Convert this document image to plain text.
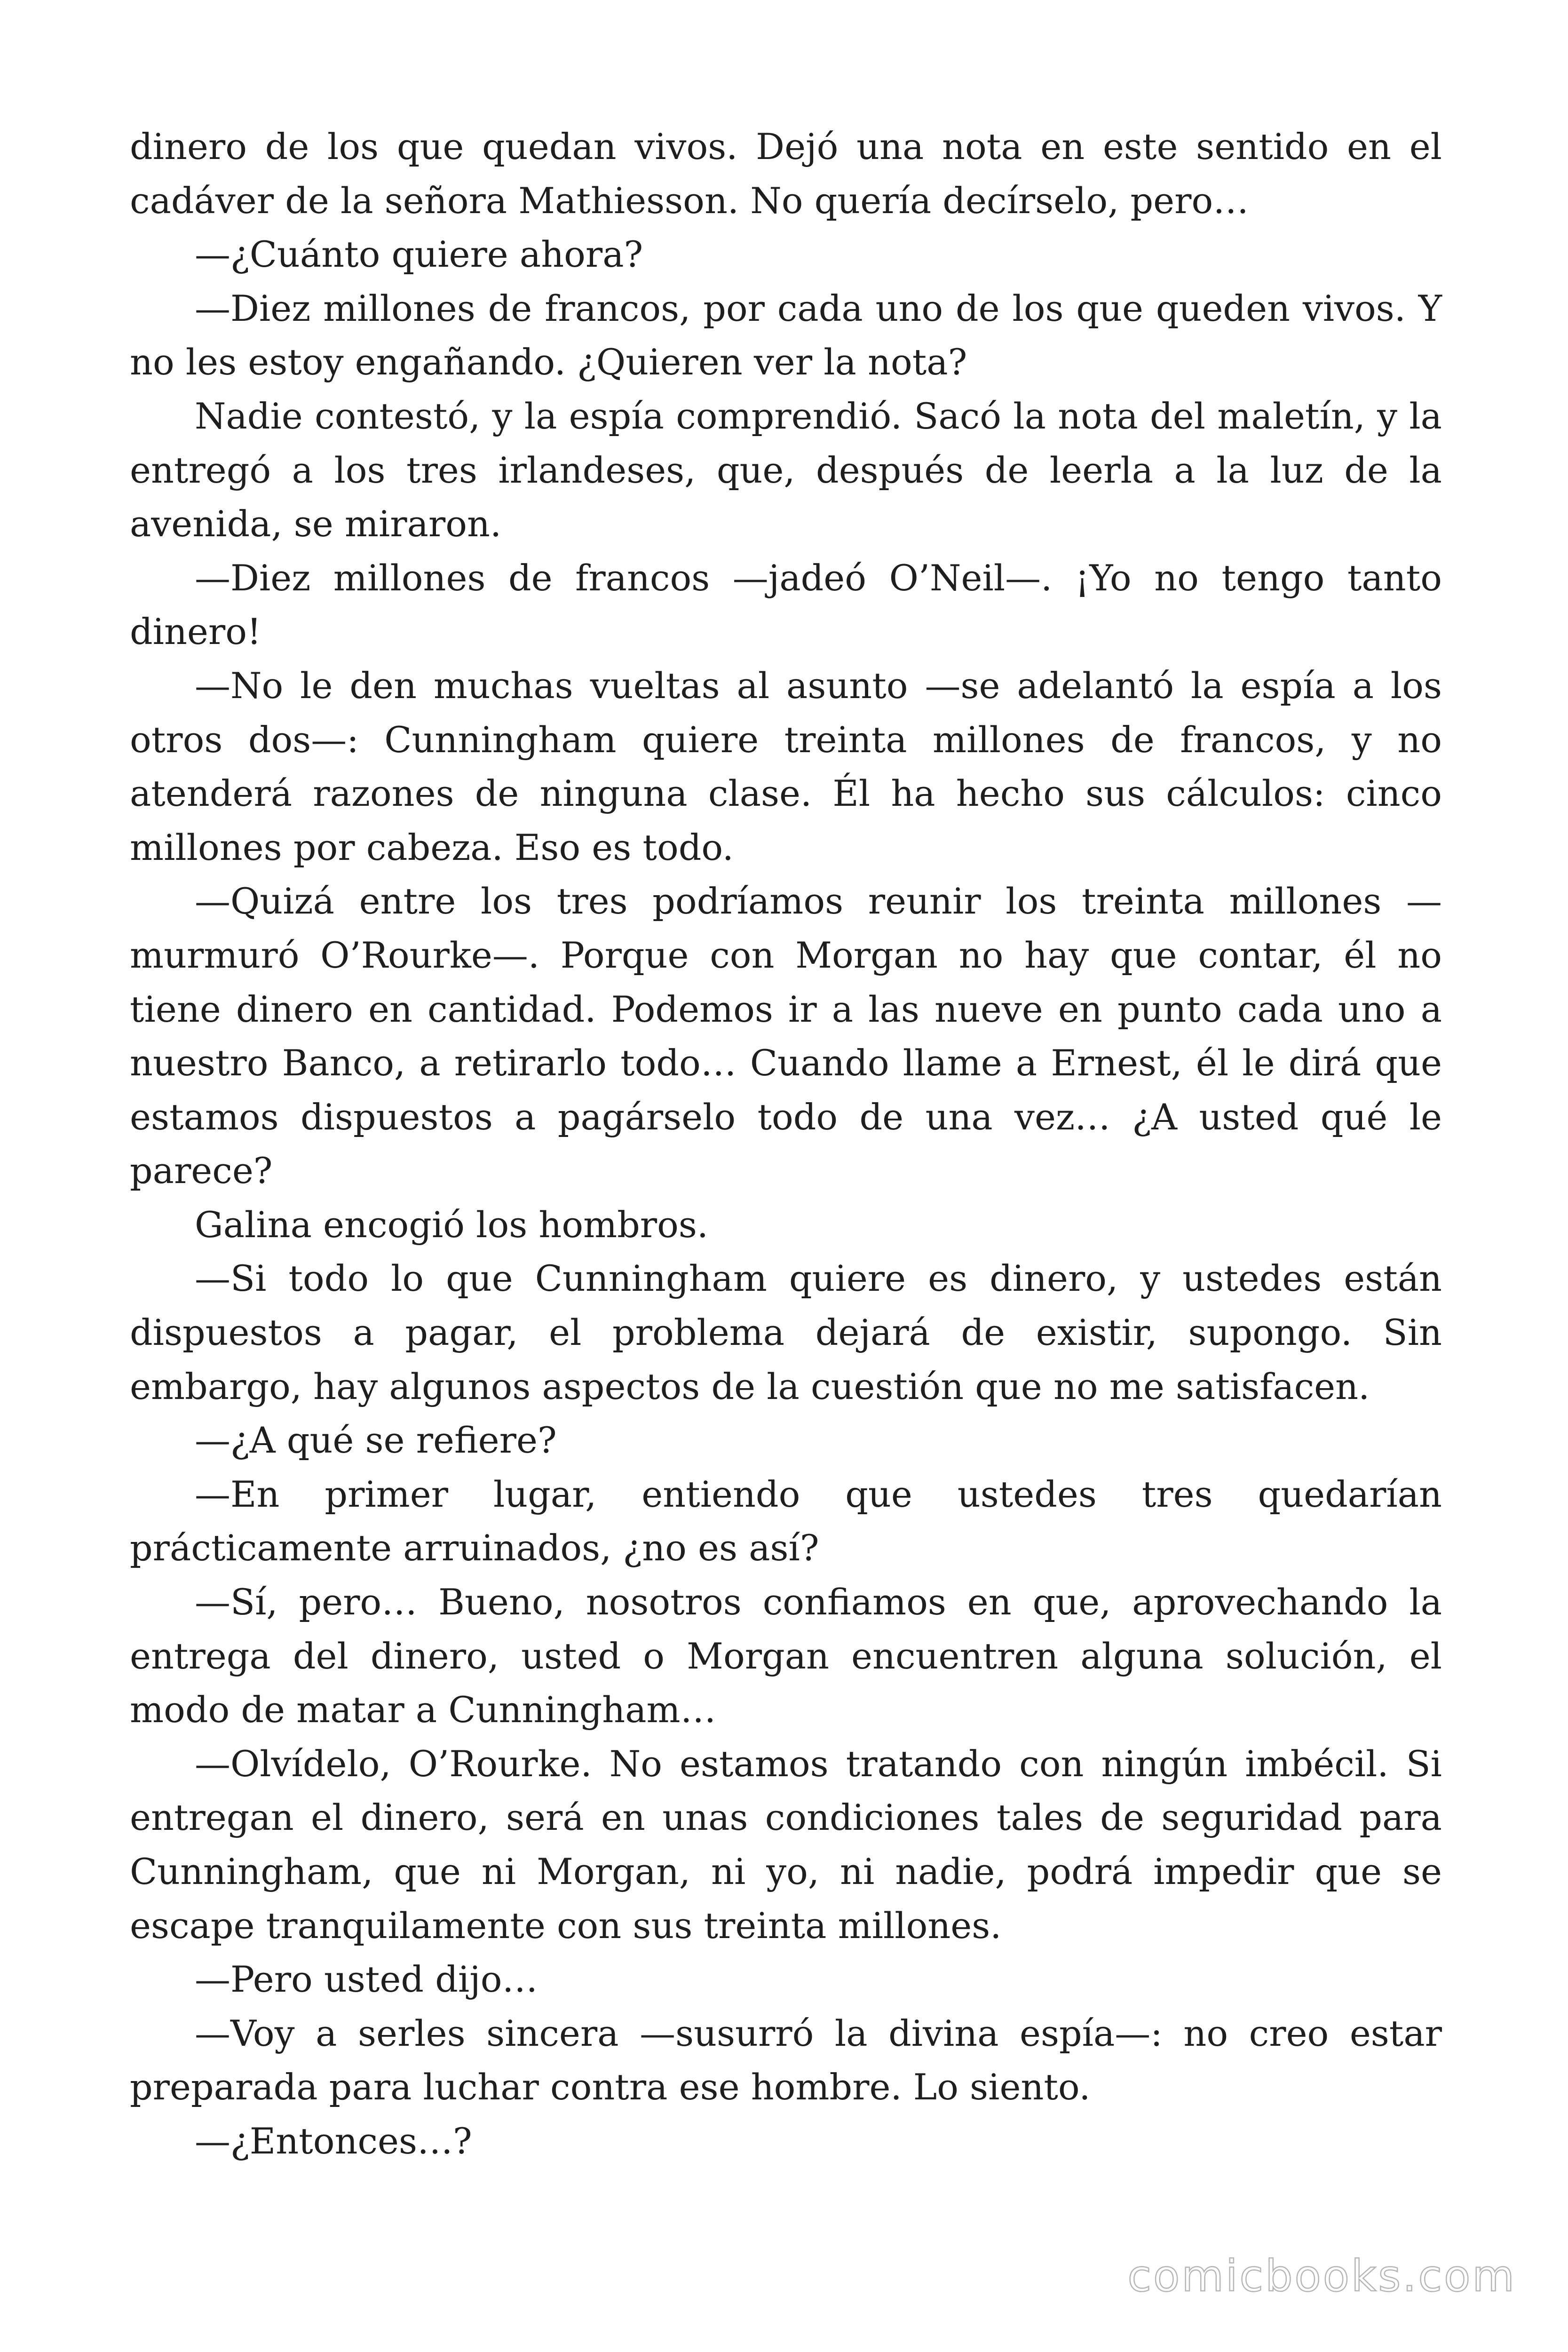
dinero de los que quedan vivos. Dejó una nota en este sentido en el cadáver de la señora Mathiesson. No quería decírselo, pero…

—¿Cuánto quiere ahora?

—Diez millones de francos, por cada uno de los que queden vivos. Y no les estoy engañando. ¿Quieren ver la nota?

Nadie contestó, y la espía comprendió. Sacó la nota del maletín, y la entregó a los tres irlandeses, que, después de leerla a la luz de la avenida, se miraron.

—Diez millones de francos —jadeó O’Neil—. ¡Yo no tengo tanto dinero!

—No le den muchas vueltas al asunto —se adelantó la espía a los otros dos—: Cunningham quiere treinta millones de francos, y no atenderá razones de ninguna clase. Él ha hecho sus cálculos: cinco millones por cabeza. Eso es todo.

—Quizá entre los tres podríamos reunir los treinta millones — murmuró O’Rourke—. Porque con Morgan no hay que contar, él no tiene dinero en cantidad. Podemos ir a las nueve en punto cada uno a nuestro Banco, a retirarlo todo… Cuando llame a Ernest, él le dirá que estamos dispuestos a pagárselo todo de una vez… ¿A usted qué le parece?

Galina encogió los hombros.

—Si todo lo que Cunningham quiere es dinero, y ustedes están dispuestos a pagar, el problema dejará de existir, supongo. Sin embargo, hay algunos aspectos de la cuestión que no me satisfacen.

—¿A qué se refiere?

—En primer lugar, entiendo que ustedes tres quedarían prácticamente arruinados, ¿no es así?

—Sí, pero… Bueno, nosotros confiamos en que, aprovechando la entrega del dinero, usted o Morgan encuentren alguna solución, el modo de matar a Cunningham…

—Olvídelo, O’Rourke. No estamos tratando con ningún imbécil. Si entregan el dinero, será en unas condiciones tales de seguridad para Cunningham, que ni Morgan, ni yo, ni nadie, podrá impedir que se escape tranquilamente con sus treinta millones.

—Pero usted dijo…

—Voy a serles sincera —susurró la divina espía—: no creo estar preparada para luchar contra ese hombre. Lo siento.

—¿Entonces…?

comicbooks.com
